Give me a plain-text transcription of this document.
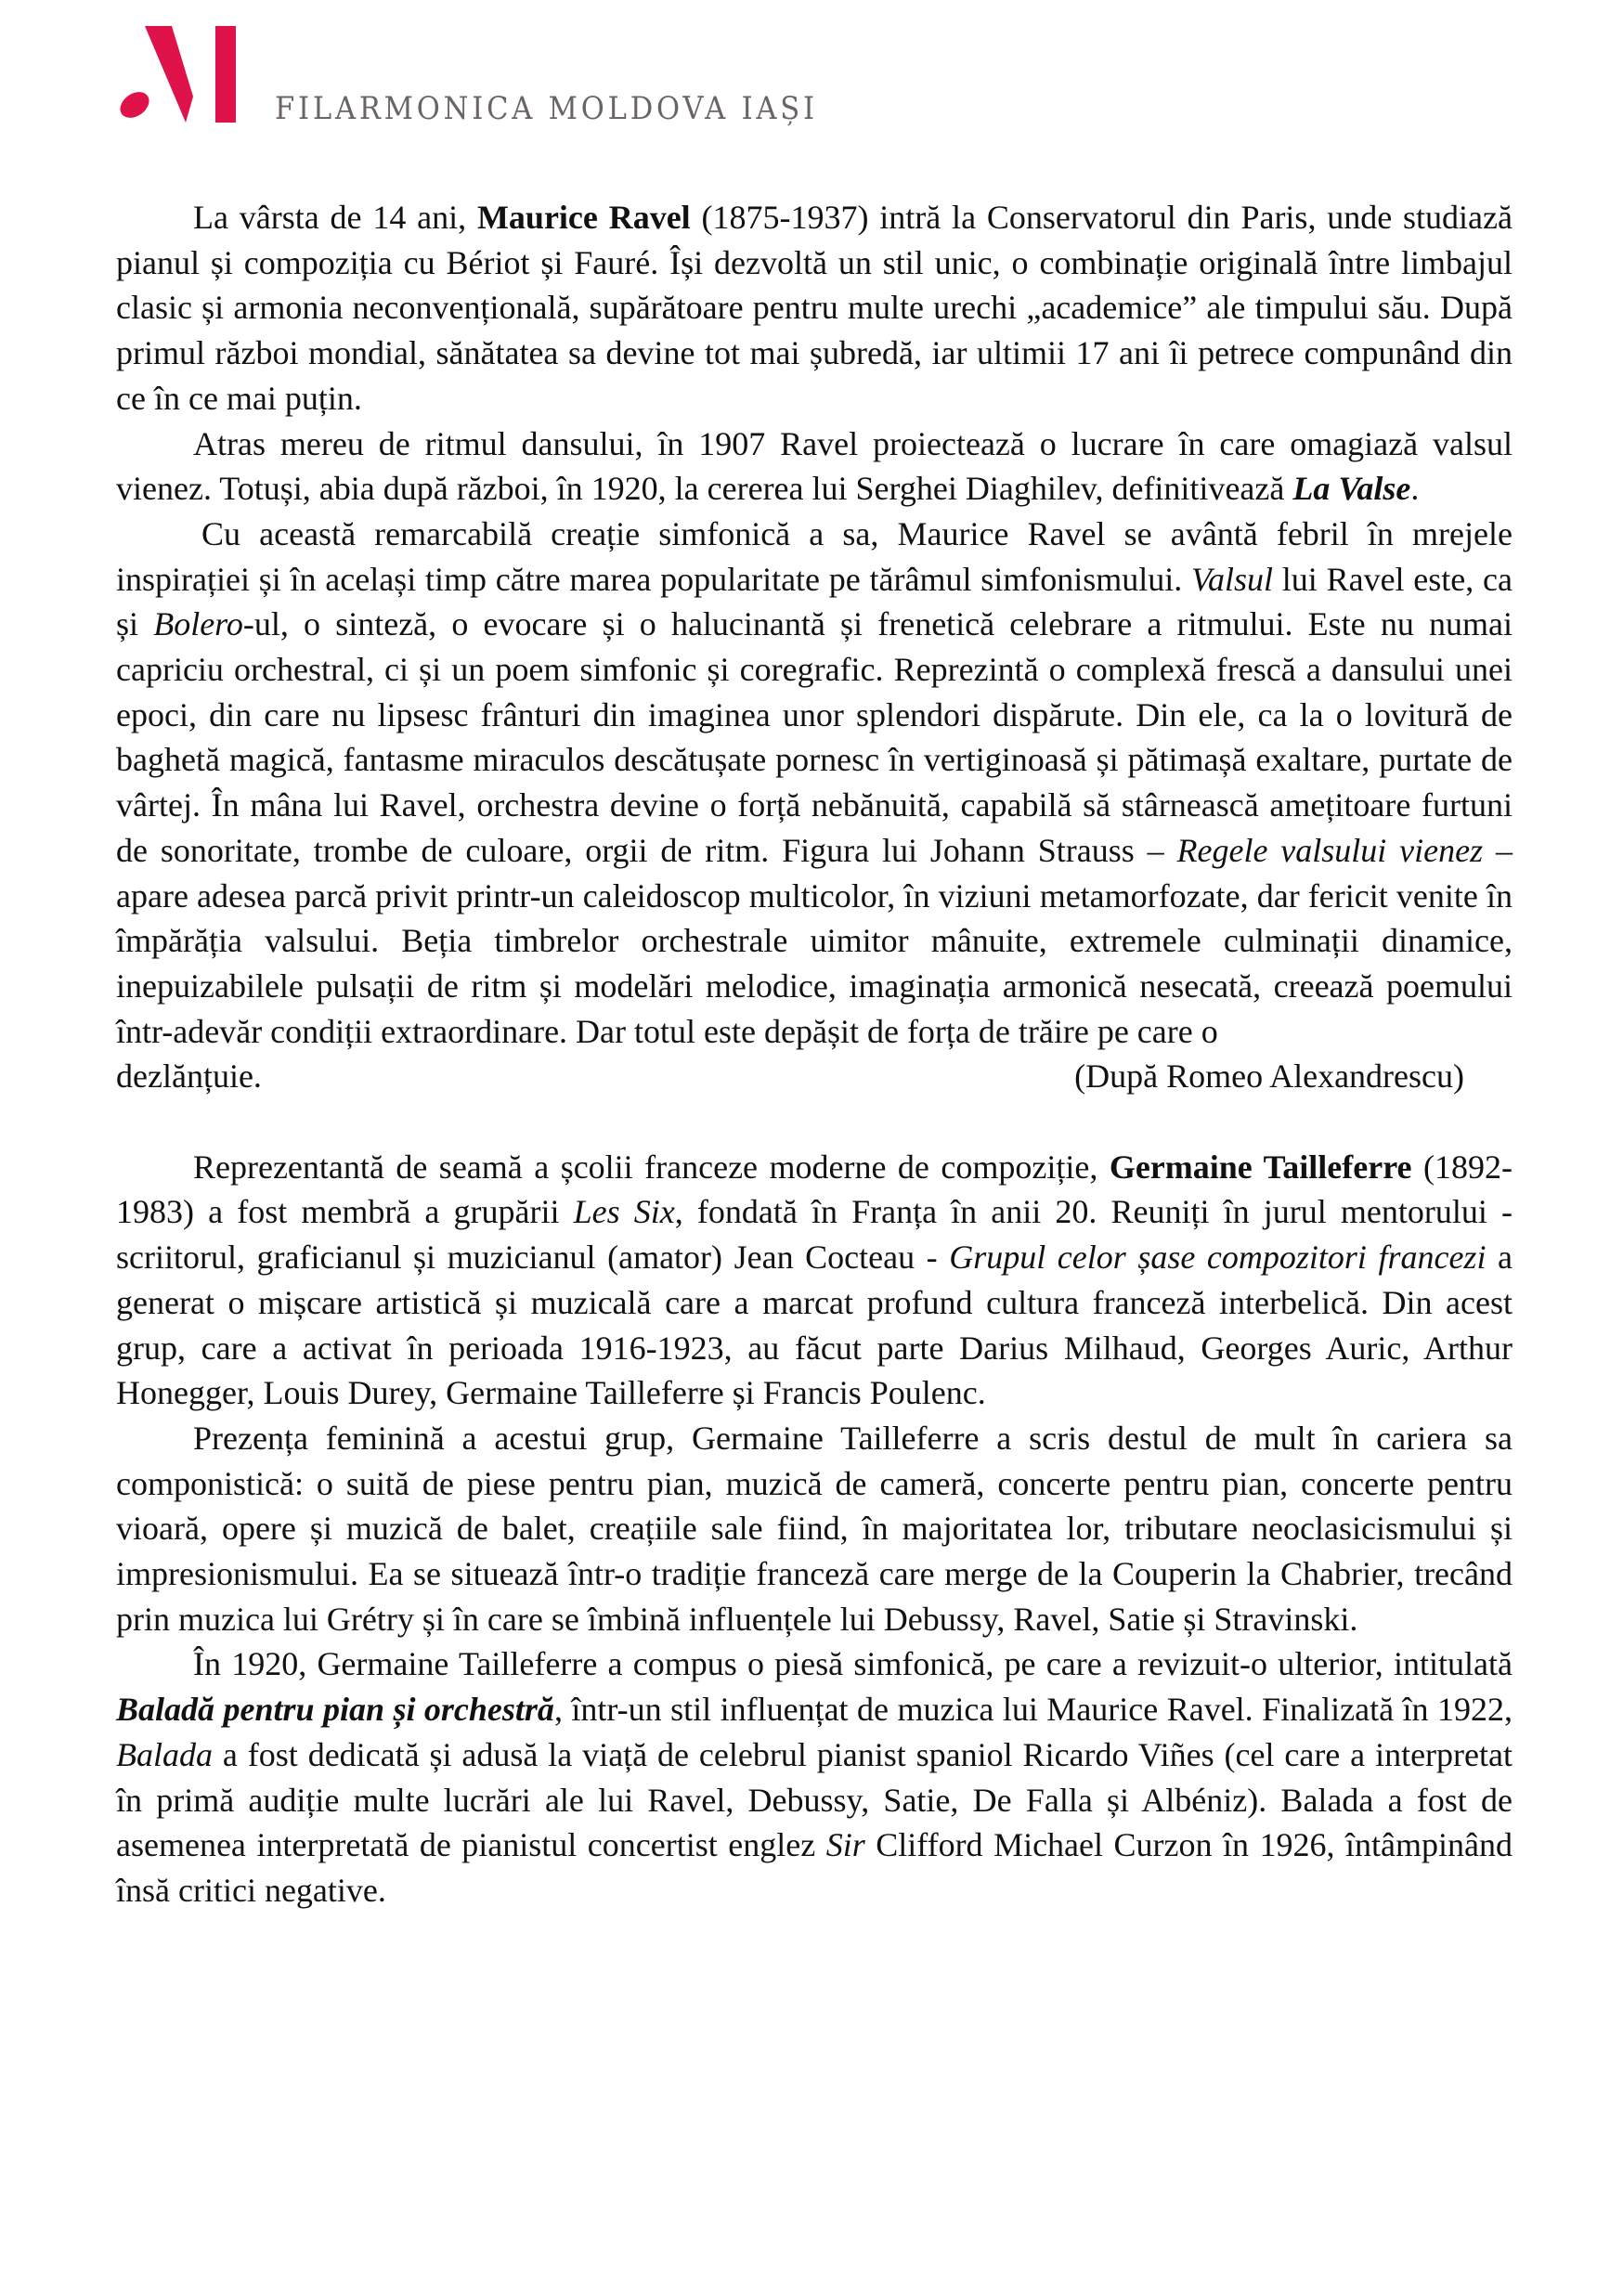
FILARMONICA MOLDOVA IAȘI

La vârsta de 14 ani, Maurice Ravel (1875-1937) intră la Conservatorul din Paris, unde studiază pianul și compoziția cu Bériot și Fauré. Își dezvoltă un stil unic, o combinație originală între limbajul clasic și armonia neconvențională, supărătoare pentru multe urechi „academice” ale timpului său. După primul război mondial, sănătatea sa devine tot mai șubredă, iar ultimii 17 ani îi petrece compunând din ce în ce mai puțin.

Atras mereu de ritmul dansului, în 1907 Ravel proiectează o lucrare în care omagiază valsul vienez. Totuși, abia după război, în 1920, la cererea lui Serghei Diaghilev, definitivează La Valse.

Cu această remarcabilă creație simfonică a sa, Maurice Ravel se avântă febril în mrejele inspirației și în același timp către marea popularitate pe tărâmul simfonismului. Valsul lui Ravel este, ca și Bolero-ul, o sinteză, o evocare și o halucinantă și frenetică celebrare a ritmului. Este nu numai capriciu orchestral, ci și un poem simfonic și coregrafic. Reprezintă o complexă frescă a dansului unei epoci, din care nu lipsesc frânturi din imaginea unor splendori dispărute. Din ele, ca la o lovitură de baghetă magică, fantasme miraculos descătușate pornesc în vertiginoasă și pătimașă exaltare, purtate de vârtej. În mâna lui Ravel, orchestra devine o forță nebănuită, capabilă să stârnească amețitoare furtuni de sonoritate, trombe de culoare, orgii de ritm. Figura lui Johann Strauss – Regele valsului vienez – apare adesea parcă privit printr-un caleidoscop multicolor, în viziuni metamorfozate, dar fericit venite în împărăția valsului. Beția timbrelor orchestrale uimitor mânuite, extremele culminații dinamice, inepuizabilele pulsații de ritm și modelări melodice, imaginația armonică nesecată, creează poemului într-adevăr condiții extraordinare. Dar totul este depășit de forța de trăire pe care o

dezlănțuie.	(După Romeo Alexandrescu)

Reprezentantă de seamă a școlii franceze moderne de compoziție, Germaine Tailleferre (1892-1983) a fost membră a grupării Les Six, fondată în Franța în anii 20. Reuniți în jurul mentorului - scriitorul, graficianul și muzicianul (amator) Jean Cocteau - Grupul celor șase compozitori francezi a generat o mișcare artistică și muzicală care a marcat profund cultura franceză interbelică. Din acest grup, care a activat în perioada 1916-1923, au făcut parte Darius Milhaud, Georges Auric, Arthur Honegger, Louis Durey, Germaine Tailleferre și Francis Poulenc.

Prezența feminină a acestui grup, Germaine Tailleferre a scris destul de mult în cariera sa componistică: o suită de piese pentru pian, muzică de cameră, concerte pentru pian, concerte pentru vioară, opere și muzică de balet, creațiile sale fiind, în majoritatea lor, tributare neoclasicismului și impresionismului. Ea se situează într-o tradiție franceză care merge de la Couperin la Chabrier, trecând prin muzica lui Grétry și în care se îmbină influențele lui Debussy, Ravel, Satie și Stravinski.

În 1920, Germaine Tailleferre a compus o piesă simfonică, pe care a revizuit-o ulterior, intitulată Baladă pentru pian și orchestră, într-un stil influențat de muzica lui Maurice Ravel. Finalizată în 1922, Balada a fost dedicată și adusă la viață de celebrul pianist spaniol Ricardo Viñes (cel care a interpretat în primă audiție multe lucrări ale lui Ravel, Debussy, Satie, De Falla și Albéniz). Balada a fost de asemenea interpretată de pianistul concertist englez Sir Clifford Michael Curzon în 1926, întâmpinând însă critici negative.
